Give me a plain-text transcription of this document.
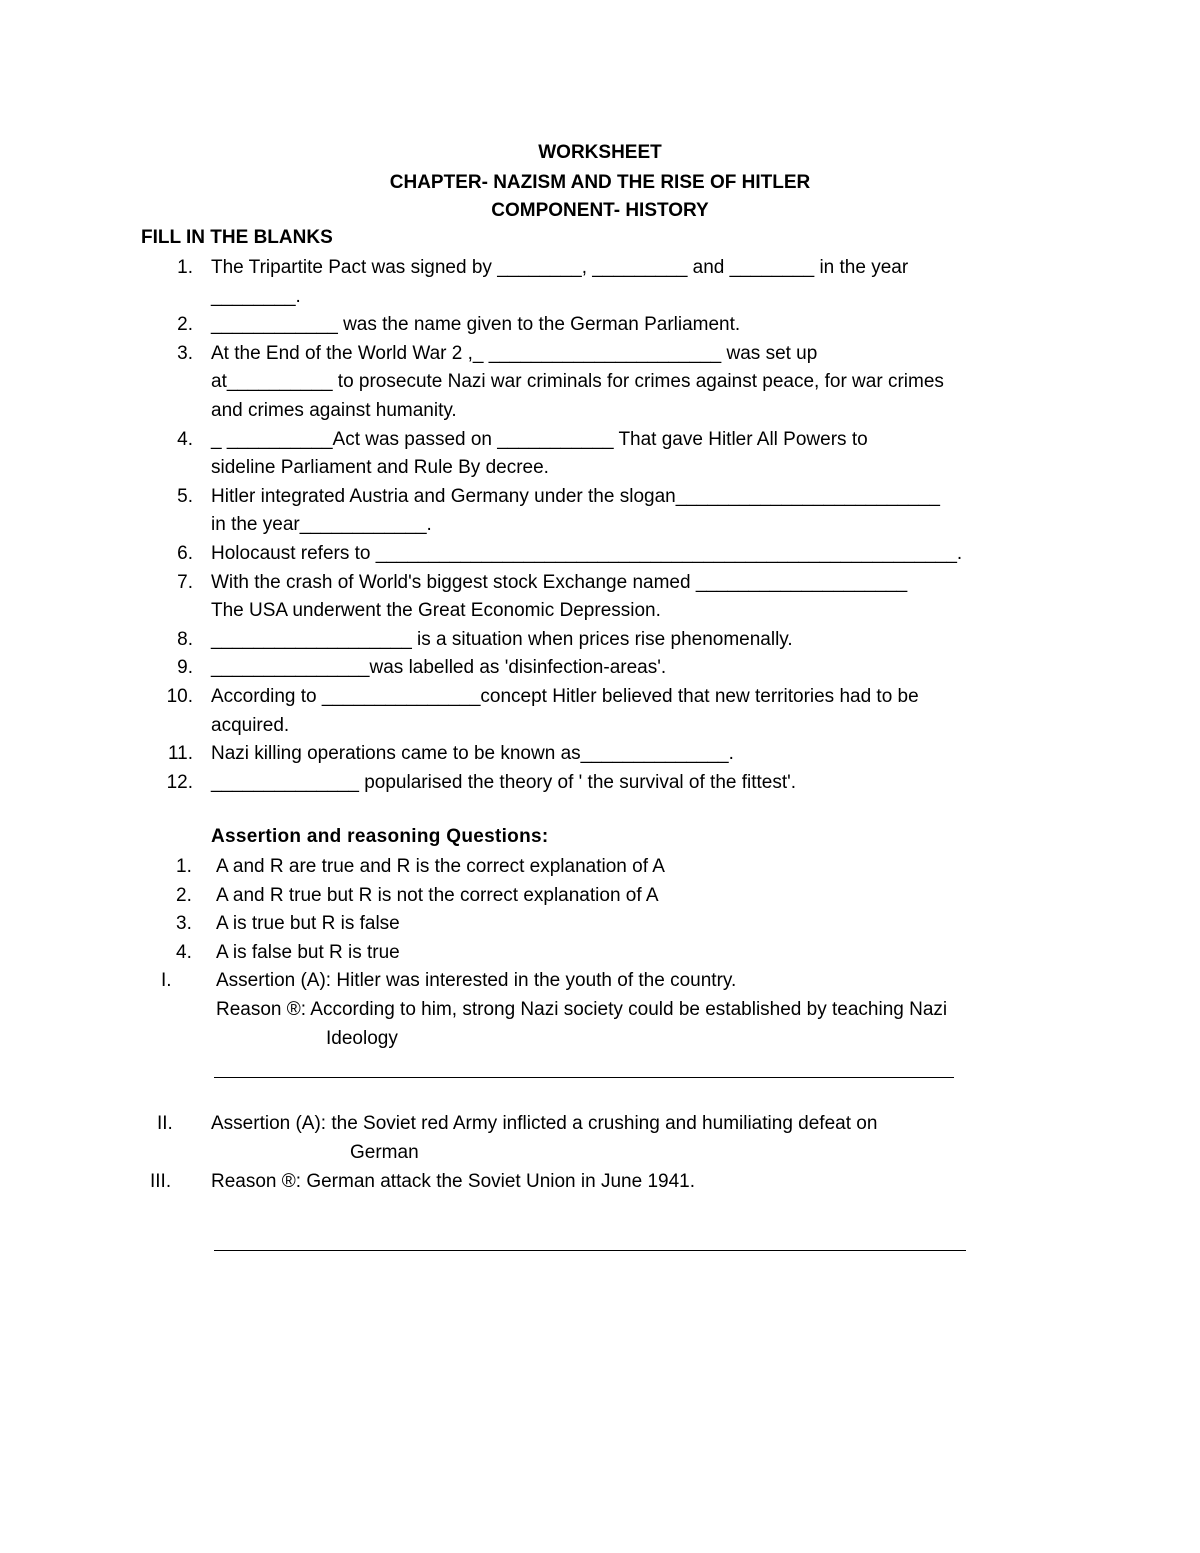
WORKSHEET
CHAPTER- NAZISM AND THE RISE OF HITLER
COMPONENT- HISTORY
FILL IN THE BLANKS
1. The Tripartite Pact was signed by ________, _________ and ________ in the year
________.
2. ____________ was the name given to the German Parliament.
3. At the End of the World War 2 ,_ ______________________ was set up
at__________ to prosecute Nazi war criminals for crimes against peace, for war crimes
and crimes against humanity.
4. _ __________Act was passed on ___________ That gave Hitler All Powers to
sideline Parliament and Rule By decree.
5. Hitler integrated Austria and Germany under the slogan_________________________
in the year____________.
6. Holocaust refers to _______________________________________________________.
7. With the crash of World's biggest stock Exchange named ____________________
The USA underwent the Great Economic Depression.
8. ___________________ is a situation when prices rise phenomenally.
9. _______________was labelled as 'disinfection-areas'.
10. According to _______________concept Hitler believed that new territories had to be
acquired.
11. Nazi killing operations came to be known as______________.
12. ______________ popularised the theory of ' the survival of the fittest'.
Assertion and reasoning Questions:
1. A and R are true and R is the correct explanation of A
2. A and R true but R is not the correct explanation of A
3. A is true but R is false
4. A is false but R is true
I. Assertion (A): Hitler was interested in the youth of the country.
Reason ®: According to him, strong Nazi society could be established by teaching Nazi
Ideology
II. Assertion (A): the Soviet red Army inflicted a crushing and humiliating defeat on
German
III. Reason ®: German attack the Soviet Union in June 1941.
